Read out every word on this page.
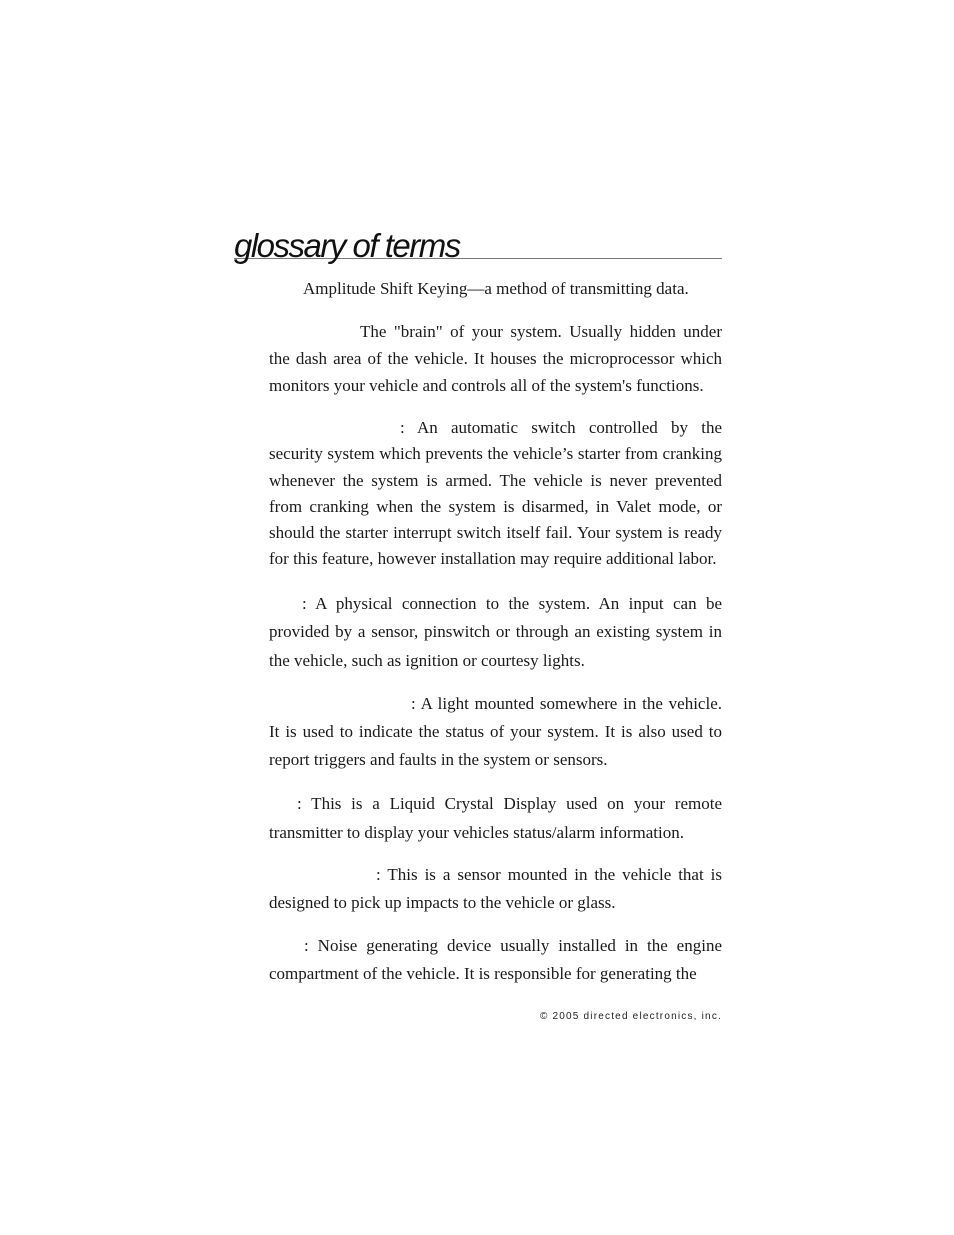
glossary of terms

Amplitude Shift Keying—a method of transmitting data.

The "brain" of your system. Usually hidden under the dash area of the vehicle. It houses the microprocessor which monitors your vehicle and controls all of the system's functions.

: An automatic switch controlled by the security system which prevents the vehicle’s starter from cranking whenever the system is armed. The vehicle is never prevented from cranking when the system is disarmed, in Valet mode, or should the starter interrupt switch itself fail. Your system is ready for this feature, however installation may require additional labor.

: A physical connection to the system. An input can be provided by a sensor, pinswitch or through an existing system in the vehicle, such as ignition or courtesy lights.

: A light mounted somewhere in the vehicle. It is used to indicate the status of your system. It is also used to report triggers and faults in the system or sensors.

: This is a Liquid Crystal Display used on your remote transmitter to display your vehicles status/alarm information.

: This is a sensor mounted in the vehicle that is designed to pick up impacts to the vehicle or glass.

: Noise generating device usually installed in the engine compartment of the vehicle. It is responsible for generating the

© 2005 directed electronics, inc.
